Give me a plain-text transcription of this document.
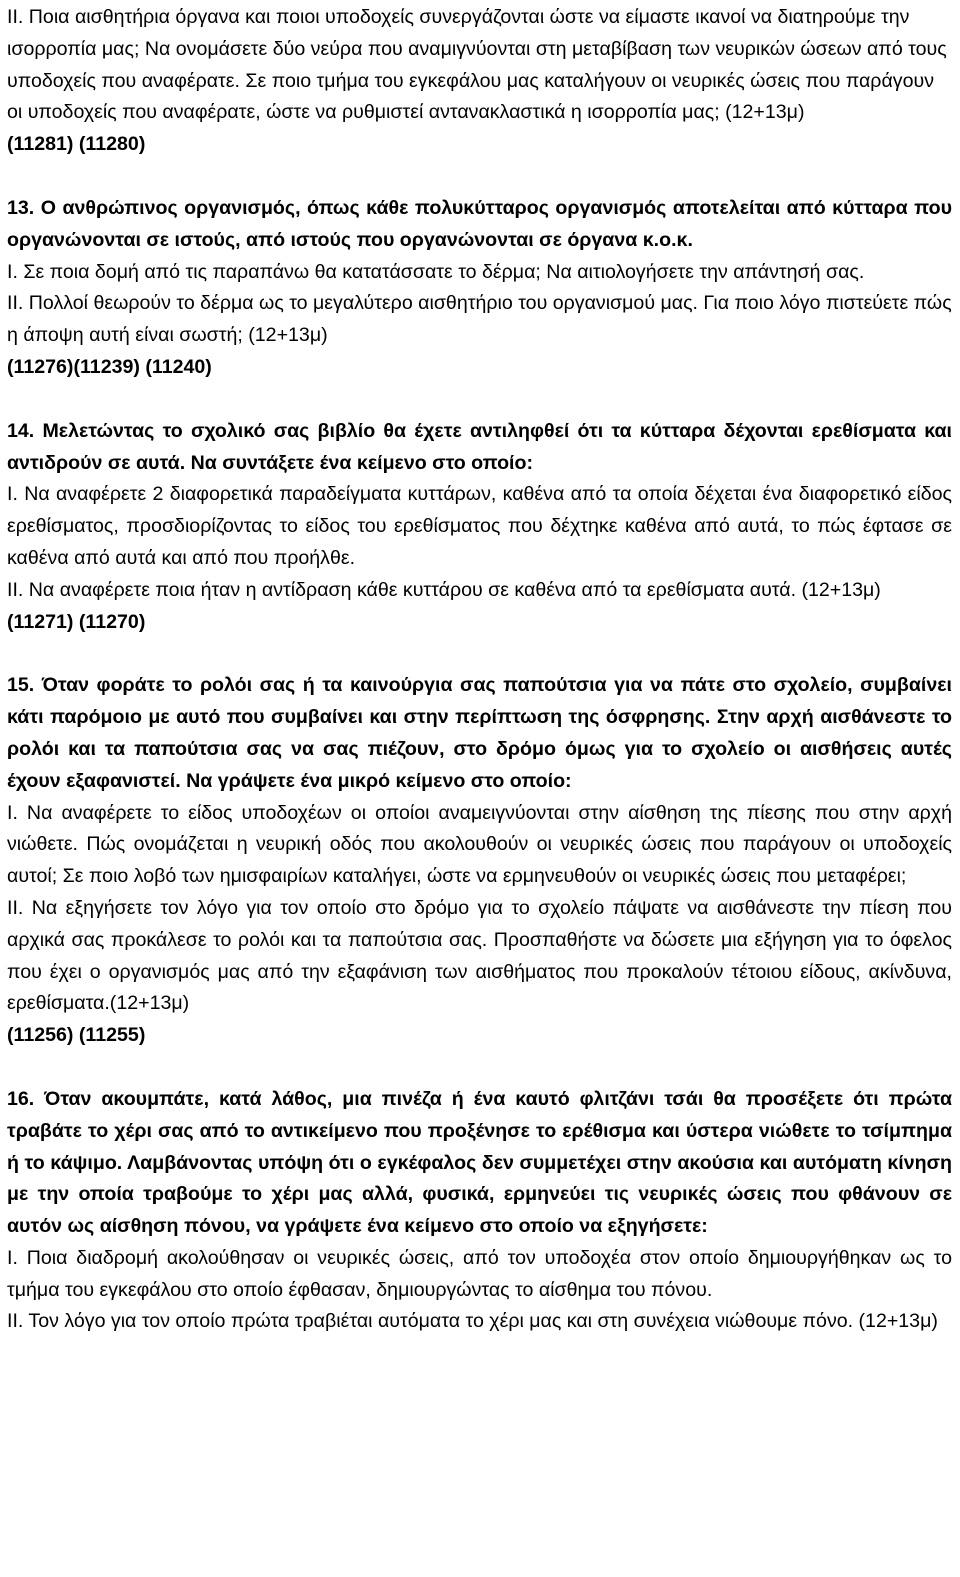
II. Ποια αισθητήρια όργανα και ποιοι υποδοχείς συνεργάζονται ώστε να είμαστε ικανοί να διατηρούμε την ισορροπία μας; Να ονομάσετε δύο νεύρα που αναμιγνύονται στη μεταβίβαση των νευρικών ώσεων από τους υποδοχείς που αναφέρατε. Σε ποιο τμήμα του εγκεφάλου μας καταλήγουν οι νευρικές ώσεις που παράγουν οι υποδοχείς που αναφέρατε, ώστε να ρυθμιστεί αντανακλαστικά η ισορροπία μας; (12+13μ)
(11281) (11280)
13. Ο ανθρώπινος οργανισμός, όπως κάθε πολυκύτταρος οργανισμός αποτελείται από κύτταρα που οργανώνονται σε ιστούς, από ιστούς που οργανώνονται σε όργανα κ.ο.κ.
Ι. Σε ποια δομή από τις παραπάνω θα κατατάσσατε το δέρμα; Να αιτιολογήσετε την απάντησή σας.
ΙΙ. Πολλοί θεωρούν το δέρμα ως το μεγαλύτερο αισθητήριο του οργανισμού μας. Για ποιο λόγο πιστεύετε πώς η άποψη αυτή είναι σωστή; (12+13μ)
(11276)(11239) (11240)
14. Μελετώντας το σχολικό σας βιβλίο θα έχετε αντιληφθεί ότι τα κύτταρα δέχονται ερεθίσματα και αντιδρούν σε αυτά. Να συντάξετε ένα κείμενο στο οποίο:
Ι. Να αναφέρετε 2 διαφορετικά παραδείγματα κυττάρων, καθένα από τα οποία δέχεται ένα διαφορετικό είδος ερεθίσματος, προσδιορίζοντας το είδος του ερεθίσματος που δέχτηκε καθένα από αυτά, το πώς έφτασε σε καθένα από αυτά και από που προήλθε.
ΙΙ. Να αναφέρετε ποια ήταν η αντίδραση κάθε κυττάρου σε καθένα από τα ερεθίσματα αυτά. (12+13μ)
(11271) (11270)
15. Όταν φοράτε το ρολόι σας ή τα καινούργια σας παπούτσια για να πάτε στο σχολείο, συμβαίνει κάτι παρόμοιο με αυτό που συμβαίνει και στην περίπτωση της όσφρησης. Στην αρχή αισθάνεστε το ρολόι και τα παπούτσια σας να σας πιέζουν, στο δρόμο όμως για το σχολείο οι αισθήσεις αυτές έχουν εξαφανιστεί. Να γράψετε ένα μικρό κείμενο στο οποίο:
Ι. Να αναφέρετε το είδος υποδοχέων οι οποίοι αναμειγνύονται στην αίσθηση της πίεσης που στην αρχή νιώθετε. Πώς ονομάζεται η νευρική οδός που ακολουθούν οι νευρικές ώσεις που παράγουν οι υποδοχείς αυτοί; Σε ποιο λοβό των ημισφαιρίων καταλήγει, ώστε να ερμηνευθούν οι νευρικές ώσεις που μεταφέρει;
ΙΙ. Να εξηγήσετε τον λόγο για τον οποίο στο δρόμο για το σχολείο πάψατε να αισθάνεστε την πίεση που αρχικά σας προκάλεσε το ρολόι και τα παπούτσια σας. Προσπαθήστε να δώσετε μια εξήγηση για το όφελος που έχει ο οργανισμός μας από την εξαφάνιση των αισθήματος που προκαλούν τέτοιου είδους, ακίνδυνα, ερεθίσματα.(12+13μ)
(11256) (11255)
16. Όταν ακουμπάτε, κατά λάθος, μια πινέζα ή ένα καυτό φλιτζάνι τσάι θα προσέξετε ότι πρώτα τραβάτε το χέρι σας από το αντικείμενο που προξένησε το ερέθισμα και ύστερα νιώθετε το τσίμπημα ή το κάψιμο. Λαμβάνοντας υπόψη ότι ο εγκέφαλος δεν συμμετέχει στην ακούσια και αυτόματη κίνηση με την οποία τραβούμε το χέρι μας αλλά, φυσικά, ερμηνεύει τις νευρικές ώσεις που φθάνουν σε αυτόν ως αίσθηση πόνου, να γράψετε ένα κείμενο στο οποίο να εξηγήσετε:
Ι. Ποια διαδρομή ακολούθησαν οι νευρικές ώσεις, από τον υποδοχέα στον οποίο δημιουργήθηκαν ως το τμήμα του εγκεφάλου στο οποίο έφθασαν, δημιουργώντας το αίσθημα του πόνου.
ΙΙ. Τον λόγο για τον οποίο πρώτα τραβιέται αυτόματα το χέρι μας και στη συνέχεια νιώθουμε πόνο. (12+13μ)
